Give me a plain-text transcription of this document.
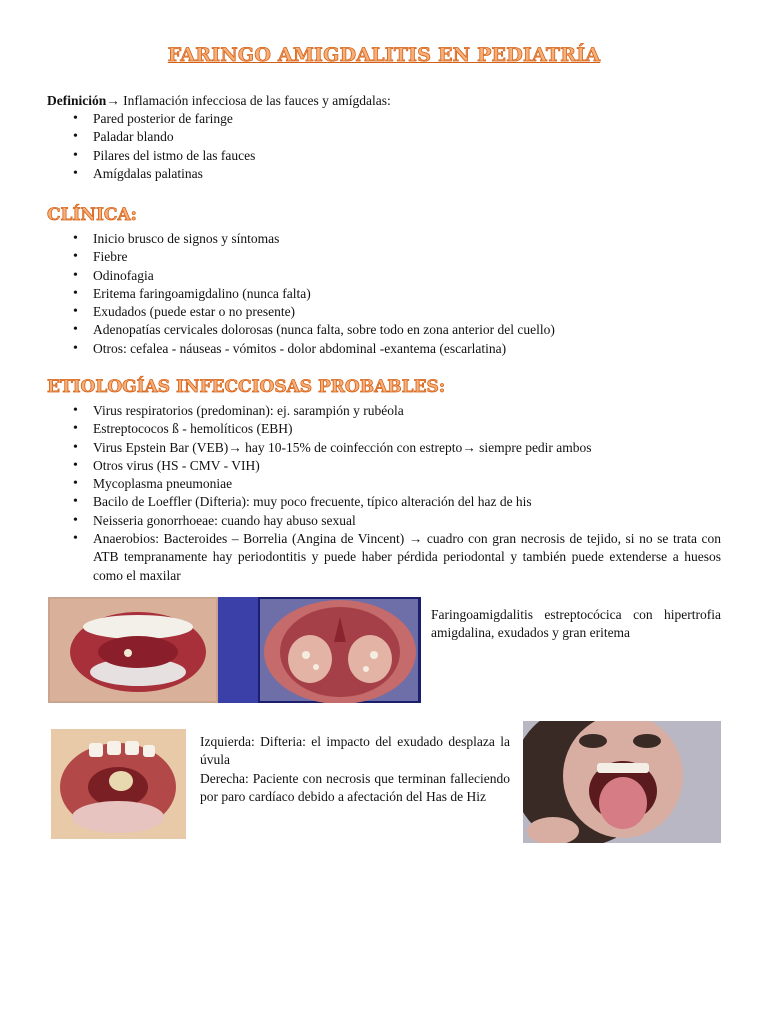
FARINGO AMIGDALITIS EN PEDIATRÍA
Definición→ Inflamación infecciosa de las fauces y amígdalas:
• Pared posterior de faringe
• Paladar blando
• Pilares del istmo de las fauces
• Amígdalas palatinas
CLÍNICA:
• Inicio brusco de signos y síntomas
• Fiebre
• Odinofagia
• Eritema faringoamigdalino (nunca falta)
• Exudados (puede estar o no presente)
• Adenopatías cervicales dolorosas (nunca falta, sobre todo en zona anterior del cuello)
• Otros: cefalea - náuseas - vómitos - dolor abdominal -exantema (escarlatina)
ETIOLOGÍAS INFECCIOSAS PROBABLES:
• Virus respiratorios (predominan): ej. sarampión y rubéola
• Estreptococos ß - hemolíticos (EBH)
• Virus Epstein Bar (VEB)→ hay 10-15% de coinfección con estrepto→ siempre pedir ambos
• Otros virus (HS - CMV - VIH)
• Mycoplasma pneumoniae
• Bacilo de Loeffler (Difteria): muy poco frecuente, típico alteración del haz de his
• Neisseria gonorrhoeae: cuando hay abuso sexual
• Anaerobios: Bacteroides – Borrelia (Angina de Vincent) → cuadro con gran necrosis de tejido, si no se trata con ATB tempranamente hay periodontitis y puede haber pérdida periodontal y también puede extenderse a huesos como el maxilar
Faringoamigdalitis estreptocócica con hipertrofia amigdalina, exudados y gran eritema
Izquierda: Difteria: el impacto del exudado desplaza la úvula
Derecha: Paciente con necrosis que terminan falleciendo por paro cardíaco debido a afectación del Has de Hiz
